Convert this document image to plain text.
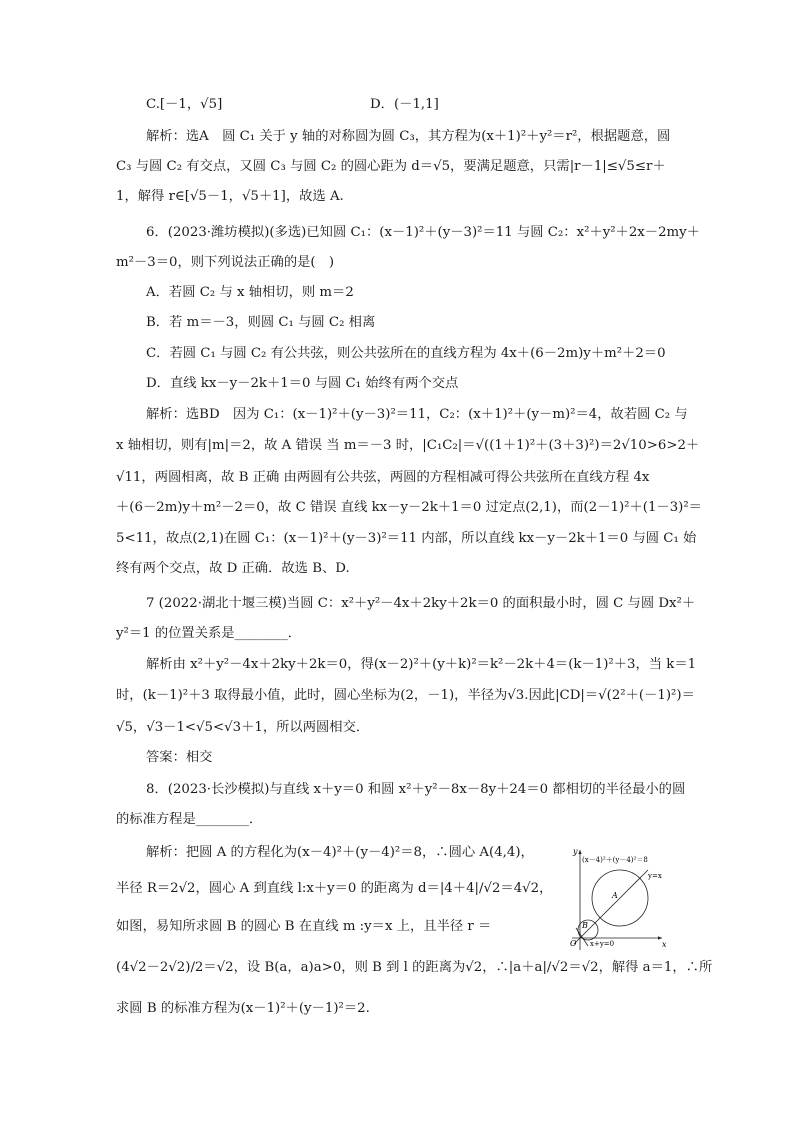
C.[－1，√5]	D．(－1,1]
解析：选A　圆 C₁ 关于 y 轴的对称圆为圆 C₃，其方程为(x＋1)²＋y²＝r²，根据题意，圆
C₃ 与圆 C₂ 有交点，又圆 C₃ 与圆 C₂ 的圆心距为 d＝√5，要满足题意，只需|r－1|≤√5≤r＋
1，解得 r∈[√5－1，√5＋1]，故选 A.
6．(2023·潍坊模拟)(多选)已知圆 C₁：(x－1)²＋(y－3)²＝11 与圆 C₂：x²＋y²＋2x－2my＋
m²－3＝0，则下列说法正确的是(　)
A．若圆 C₂ 与 x 轴相切，则 m＝2
B．若 m＝－3，则圆 C₁ 与圆 C₂ 相离
C．若圆 C₁ 与圆 C₂ 有公共弦，则公共弦所在的直线方程为 4x＋(6－2m)y＋m²＋2＝0
D．直线 kx－y－2k＋1＝0 与圆 C₁ 始终有两个交点
解析：选BD　因为 C₁：(x－1)²＋(y－3)²＝11，C₂：(x＋1)²＋(y－m)²＝4，故若圆 C₂ 与
x 轴相切，则有|m|＝2，故 A 错误 当 m＝－3 时，|C₁C₂|＝√((1＋1)²＋(3＋3)²)＝2√10>6>2＋
√11，两圆相离，故 B 正确 由两圆有公共弦，两圆的方程相减可得公共弦所在直线方程 4x
＋(6－2m)y＋m²－2＝0，故 C 错误 直线 kx－y－2k＋1＝0 过定点(2,1)，而(2－1)²＋(1－3)²＝
5<11，故点(2,1)在圆 C₁：(x－1)²＋(y－3)²＝11 内部，所以直线 kx－y－2k＋1＝0 与圆 C₁ 始
终有两个交点，故 D 正确．故选 B、D.
7 (2022·湖北十堰三模)当圆 C：x²＋y²－4x＋2ky＋2k＝0 的面积最小时，圆 C 与圆 Dx²＋
y²＝1 的位置关系是________．
解析由 x²＋y²－4x＋2ky＋2k＝0，得(x－2)²＋(y＋k)²＝k²－2k＋4＝(k－1)²＋3，当 k＝1
时，(k－1)²＋3 取得最小值，此时，圆心坐标为(2，－1)，半径为√3.因此|CD|＝√(2²＋(－1)²)＝
√5，√3－1<√5<√3＋1，所以两圆相交．
答案：相交
8．(2023·长沙模拟)与直线 x＋y＝0 和圆 x²＋y²－8x－8y＋24＝0 都相切的半径最小的圆
的标准方程是________．
解析：把圆 A 的方程化为(x－4)²＋(y－4)²＝8，∴圆心 A(4,4)，
半径 R＝2√2，圆心 A 到直线 l:x＋y＝0 的距离为 d＝|4＋4|/√2＝4√2，
如图，易知所求圆 B 的圆心 B 在直线 m :y＝x 上，且半径 r ＝
(4√2－2√2)/2＝√2，设 B(a，a)a>0，则 B 到 l 的距离为√2，∴|a＋a|/√2＝√2，解得 a＝1，∴所
求圆 B 的标准方程为(x－1)²＋(y－1)²＝2.
(x－4)²＋(y－4)²＝8
y=x
x+y=0	x
y
O
A
B
